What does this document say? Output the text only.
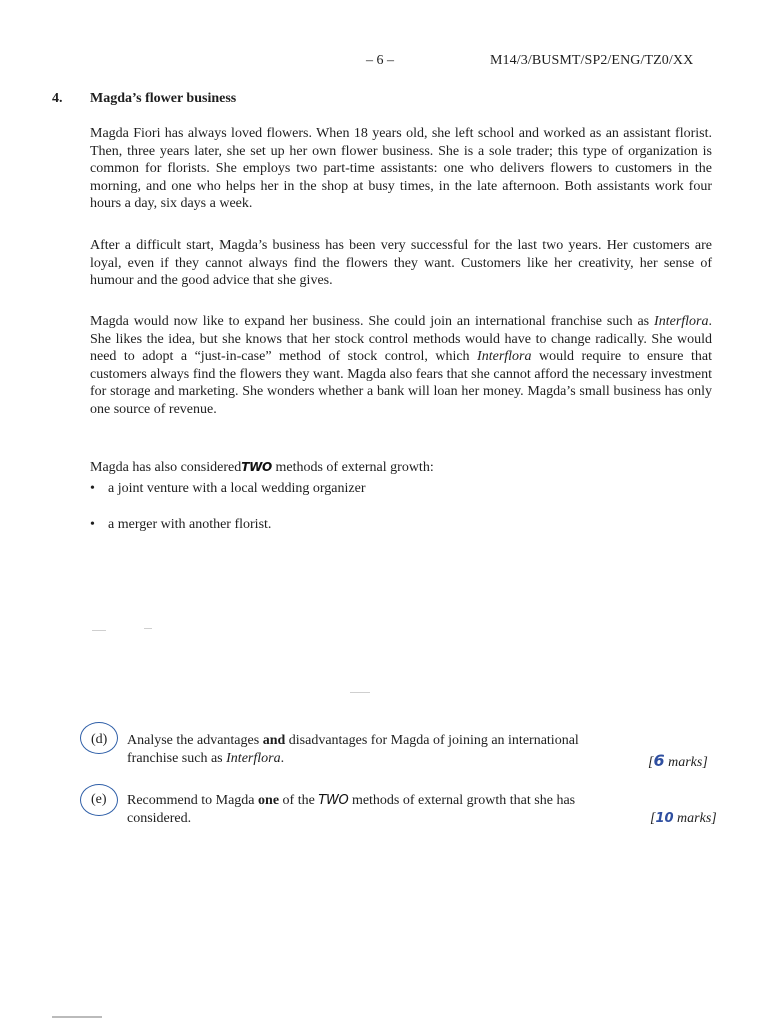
– 6 –	M14/3/BUSMT/SP2/ENG/TZ0/XX
4. Magda’s flower business

Magda Fiori has always loved flowers. When 18 years old, she left school and worked as an assistant florist. Then, three years later, she set up her own flower business. She is a sole trader; this type of organization is common for florists. She employs two part-time assistants: one who delivers flowers to customers in the morning, and one who helps her in the shop at busy times, in the late afternoon. Both assistants work four hours a day, six days a week.

After a difficult start, Magda’s business has been very successful for the last two years. Her customers are loyal, even if they cannot always find the flowers they want. Customers like her creativity, her sense of humour and the good advice that she gives.

Magda would now like to expand her business. She could join an international franchise such as Interflora. She likes the idea, but she knows that her stock control methods would have to change radically. She would need to adopt a “just-in-case” method of stock control, which Interflora would require to ensure that customers always find the flowers they want. Magda also fears that she cannot afford the necessary investment for storage and marketing. She wonders whether a bank will loan her money. Magda’s small business has only one source of revenue.

Magda has also consideredTWO methods of external growth:
• a joint venture with a local wedding organizer
• a merger with another florist.
(d) Analyse the advantages and disadvantages for Magda of joining an international franchise such as Interflora.	[6 marks]
(e) Recommend to Magda one of the TWO methods of external growth that she has considered.	[10 marks]
